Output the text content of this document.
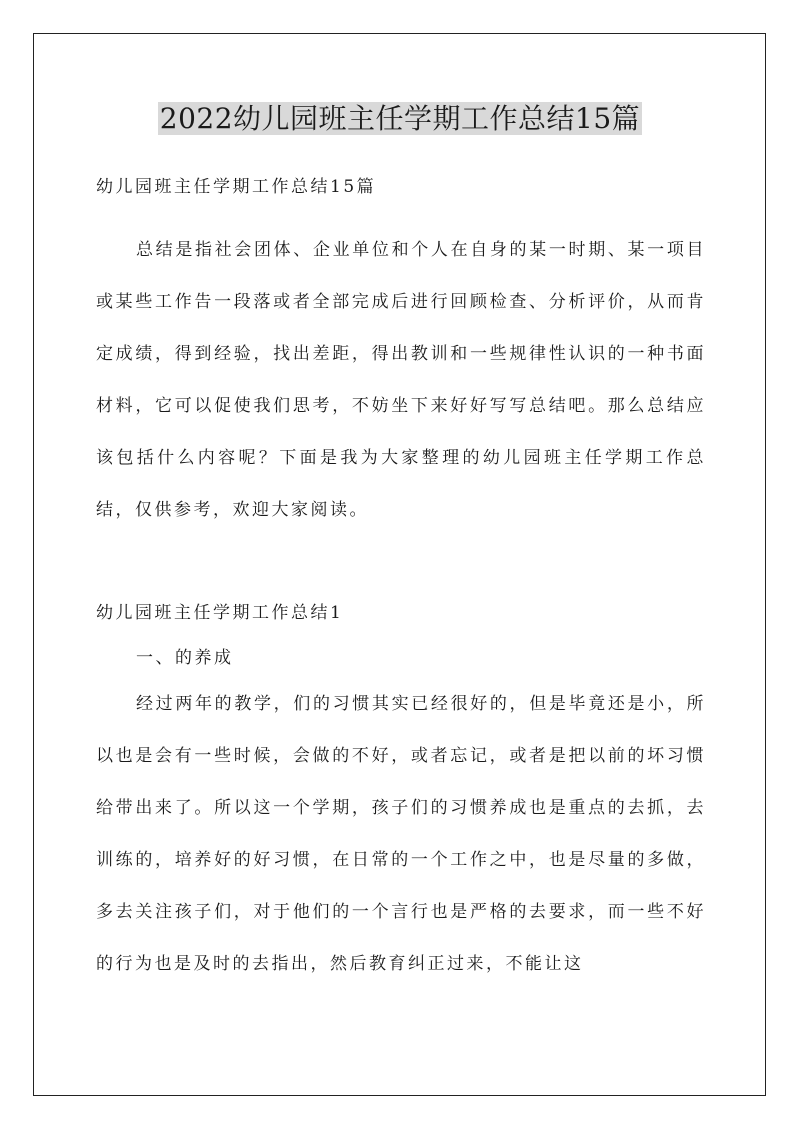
2022幼儿园班主任学期工作总结15篇

幼儿园班主任学期工作总结15篇

总结是指社会团体、企业单位和个人在自身的某一时期、某一项目或某些工作告一段落或者全部完成后进行回顾检查、分析评价，从而肯定成绩，得到经验，找出差距，得出教训和一些规律性认识的一种书面材料，它可以促使我们思考，不妨坐下来好好写写总结吧。那么总结应该包括什么内容呢？下面是我为大家整理的幼儿园班主任学期工作总结，仅供参考，欢迎大家阅读。

幼儿园班主任学期工作总结1

一、的养成

经过两年的教学，们的习惯其实已经很好的，但是毕竟还是小，所以也是会有一些时候，会做的不好，或者忘记，或者是把以前的坏习惯给带出来了。所以这一个学期，孩子们的习惯养成也是重点的去抓，去训练的，培养好的好习惯，在日常的一个工作之中，也是尽量的多做，多去关注孩子们，对于他们的一个言行也是严格的去要求，而一些不好的行为也是及时的去指出，然后教育纠正过来，不能让这
